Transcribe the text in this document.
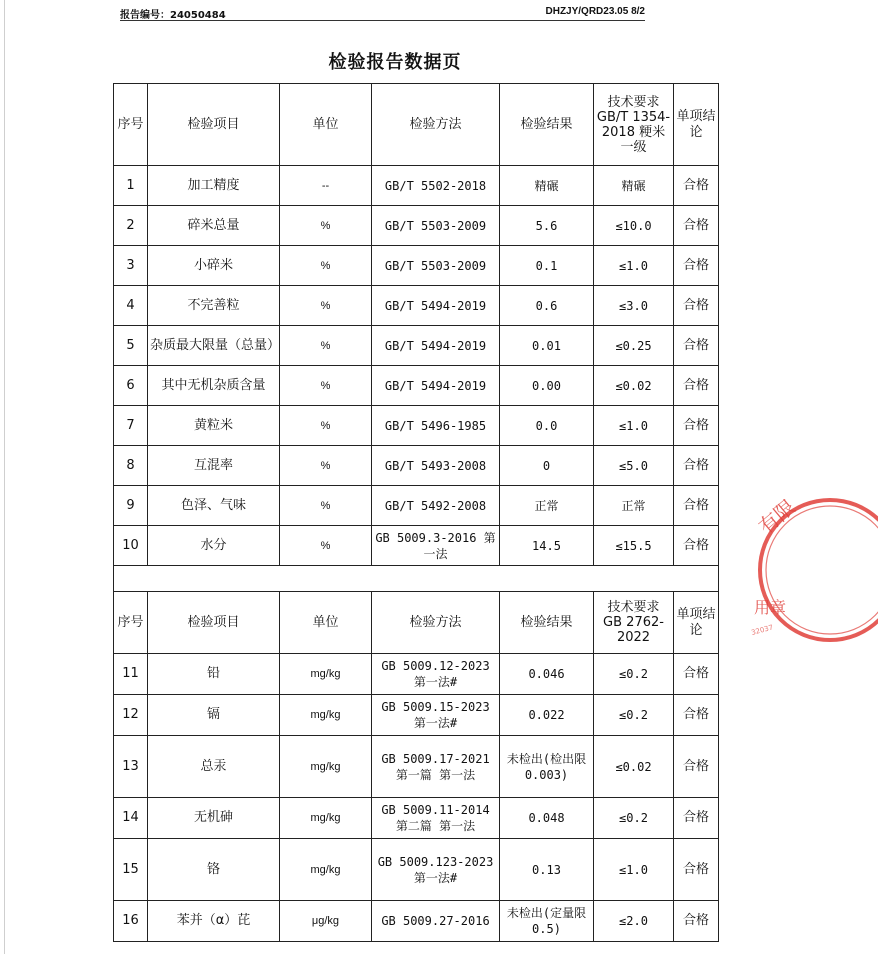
报告编号：24050484	DHZJY/QRD23.05 8/2
检验报告数据页
序号	检验项目	单位	检验方法	检验结果	技术要求 GB/T 1354-2018 粳米一级	单项结论
1	加工精度	--	GB/T 5502-2018	精碾	精碾	合格
2	碎米总量	%	GB/T 5503-2009	5.6	≤10.0	合格
3	小碎米	%	GB/T 5503-2009	0.1	≤1.0	合格
4	不完善粒	%	GB/T 5494-2019	0.6	≤3.0	合格
5	杂质最大限量（总量）	%	GB/T 5494-2019	0.01	≤0.25	合格
6	其中无机杂质含量	%	GB/T 5494-2019	0.00	≤0.02	合格
7	黄粒米	%	GB/T 5496-1985	0.0	≤1.0	合格
8	互混率	%	GB/T 5493-2008	0	≤5.0	合格
9	色泽、气味	%	GB/T 5492-2008	正常	正常	合格
10	水分	%	GB 5009.3-2016 第一法	14.5	≤15.5	合格

序号	检验项目	单位	检验方法	检验结果	技术要求 GB 2762-2022	单项结论
11	铅	mg/kg	GB 5009.12-2023 第一法#	0.046	≤0.2	合格
12	镉	mg/kg	GB 5009.15-2023 第一法#	0.022	≤0.2	合格
13	总汞	mg/kg	GB 5009.17-2021 第一篇 第一法	未检出(检出限 0.003)	≤0.02	合格
14	无机砷	mg/kg	GB 5009.11-2014 第二篇 第一法	0.048	≤0.2	合格
15	铬	mg/kg	GB 5009.123-2023 第一法#	0.13	≤1.0	合格
16	苯并（α）芘	μg/kg	GB 5009.27-2016	未检出(定量限 0.5)	≤2.0	合格
有限
用章
32037
